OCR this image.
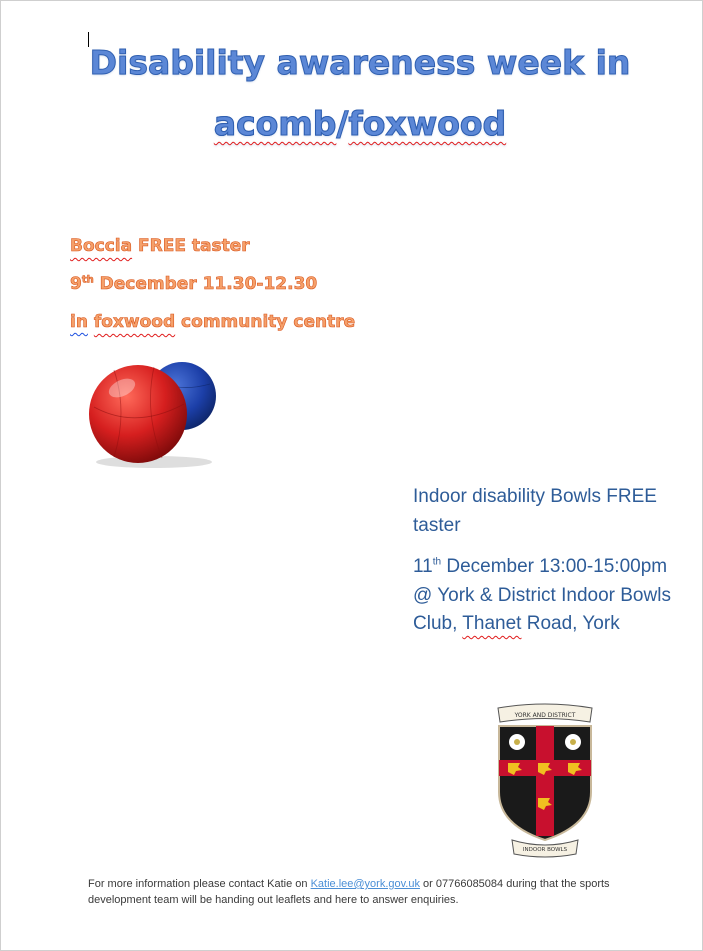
Disability awareness week in
acomb/foxwood
Boccia FREE taster
9th December 11.30-12.30
in foxwood community centre
Indoor disability Bowls FREE taster
11th December 13:00-15:00pm @ York & District Indoor Bowls Club, Thanet Road, York
YORK AND DISTRICT
INDOOR BOWLS
For more information please contact Katie on Katie.lee@york.gov.uk or 07766085084 during that the sports development team will be handing out leaflets and here to answer enquiries.
